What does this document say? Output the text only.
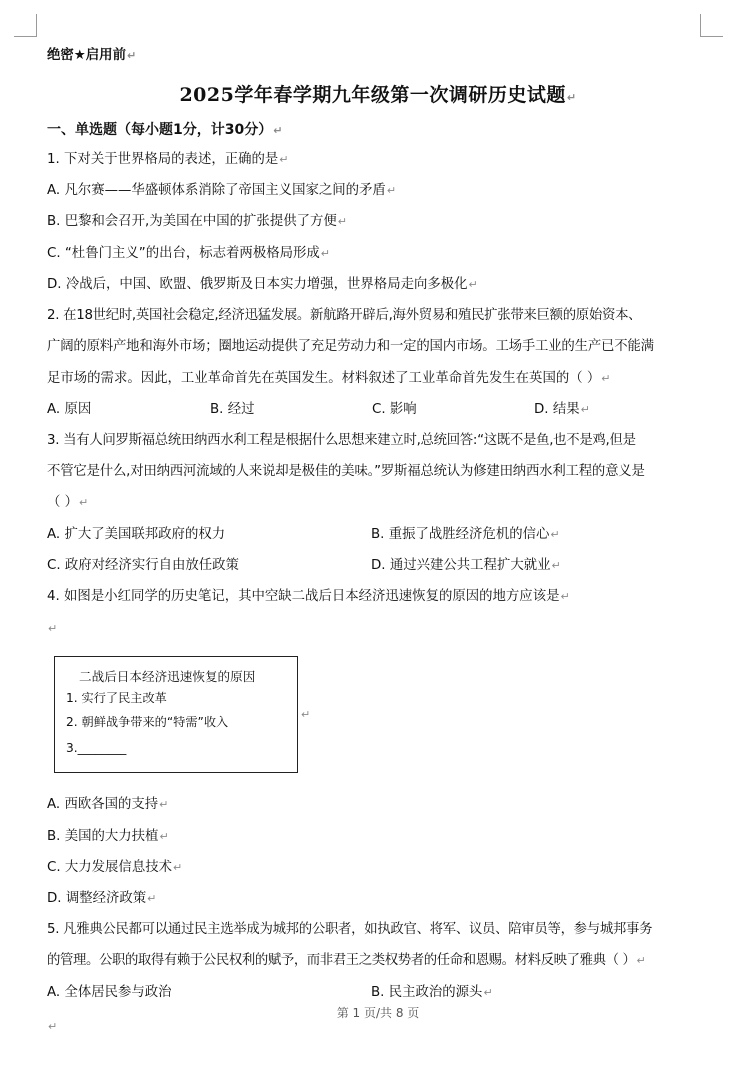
绝密★启用前↵
2025学年春学期九年级第一次调研历史试题↵
一、单选题（每小题1分，计30分）↵
1. 下对关于世界格局的表述，正确的是↵
A. 凡尔赛——华盛顿体系消除了帝国主义国家之间的矛盾↵
B. 巴黎和会召开,为美国在中国的扩张提供了方便↵
C. “杜鲁门主义”的出台，标志着两极格局形成↵
D. 冷战后，中国、欧盟、俄罗斯及日本实力增强，世界格局走向多极化↵
2. 在18世纪时,英国社会稳定,经济迅猛发展。新航路开辟后,海外贸易和殖民扩张带来巨额的原始资本、
广阔的原料产地和海外市场；圈地运动提供了充足劳动力和一定的国内市场。工场手工业的生产已不能满
足市场的需求。因此，工业革命首先在英国发生。材料叙述了工业革命首先发生在英国的（ ）↵
A. 原因	B. 经过	C. 影响	D. 结果↵
3. 当有人问罗斯福总统田纳西水利工程是根据什么思想来建立时,总统回答:“这既不是鱼,也不是鸡,但是
不管它是什么,对田纳西河流域的人来说却是极佳的美味。”罗斯福总统认为修建田纳西水利工程的意义是
（ ）↵
A. 扩大了美国联邦政府的权力	B. 重振了战胜经济危机的信心↵
C. 政府对经济实行自由放任政策	D. 通过兴建公共工程扩大就业↵
4. 如图是小红同学的历史笔记，其中空缺二战后日本经济迅速恢复的原因的地方应该是↵
↵
二战后日本经济迅速恢复的原因
1. 实行了民主改革
2. 朝鲜战争带来的“特需”收入
3.________
↵
A. 西欧各国的支持↵
B. 美国的大力扶植↵
C. 大力发展信息技术↵
D. 调整经济政策↵
5. 凡雅典公民都可以通过民主选举成为城邦的公职者，如执政官、将军、议员、陪审员等，参与城邦事务
的管理。公职的取得有赖于公民权利的赋予，而非君王之类权势者的任命和恩赐。材料反映了雅典（ ）↵
A. 全体居民参与政治	B. 民主政治的源头↵
第 1 页/共 8 页
↵
